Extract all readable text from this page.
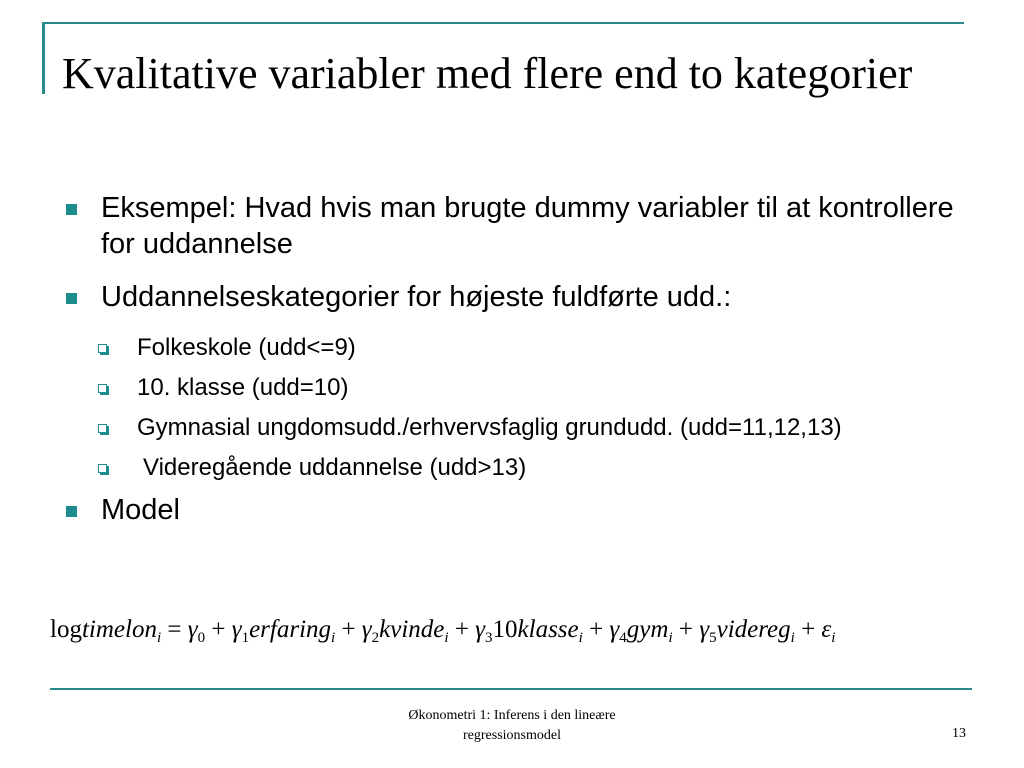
Kvalitative variabler med flere end to kategorier
Eksempel: Hvad hvis man brugte dummy variabler til at kontrollere for uddannelse
Uddannelseskategorier for højeste fuldførte udd.:
Folkeskole (udd<=9)
10. klasse (udd=10)
Gymnasial ungdomsudd./erhvervsfaglig grundudd. (udd=11,12,13)
Videregående uddannelse (udd>13)
Model
logtimelon$_i$ = $\gamma_0$ + $\gamma_1erfaring_i$ + $\gamma_2kvinde_i$ + $\gamma_310klasse_i + \gamma_4gym_i$ + $\gamma_5videreg_i + \varepsilon_i$
Økonometri 1: Inferens i den lineære
regressionsmodel	13
